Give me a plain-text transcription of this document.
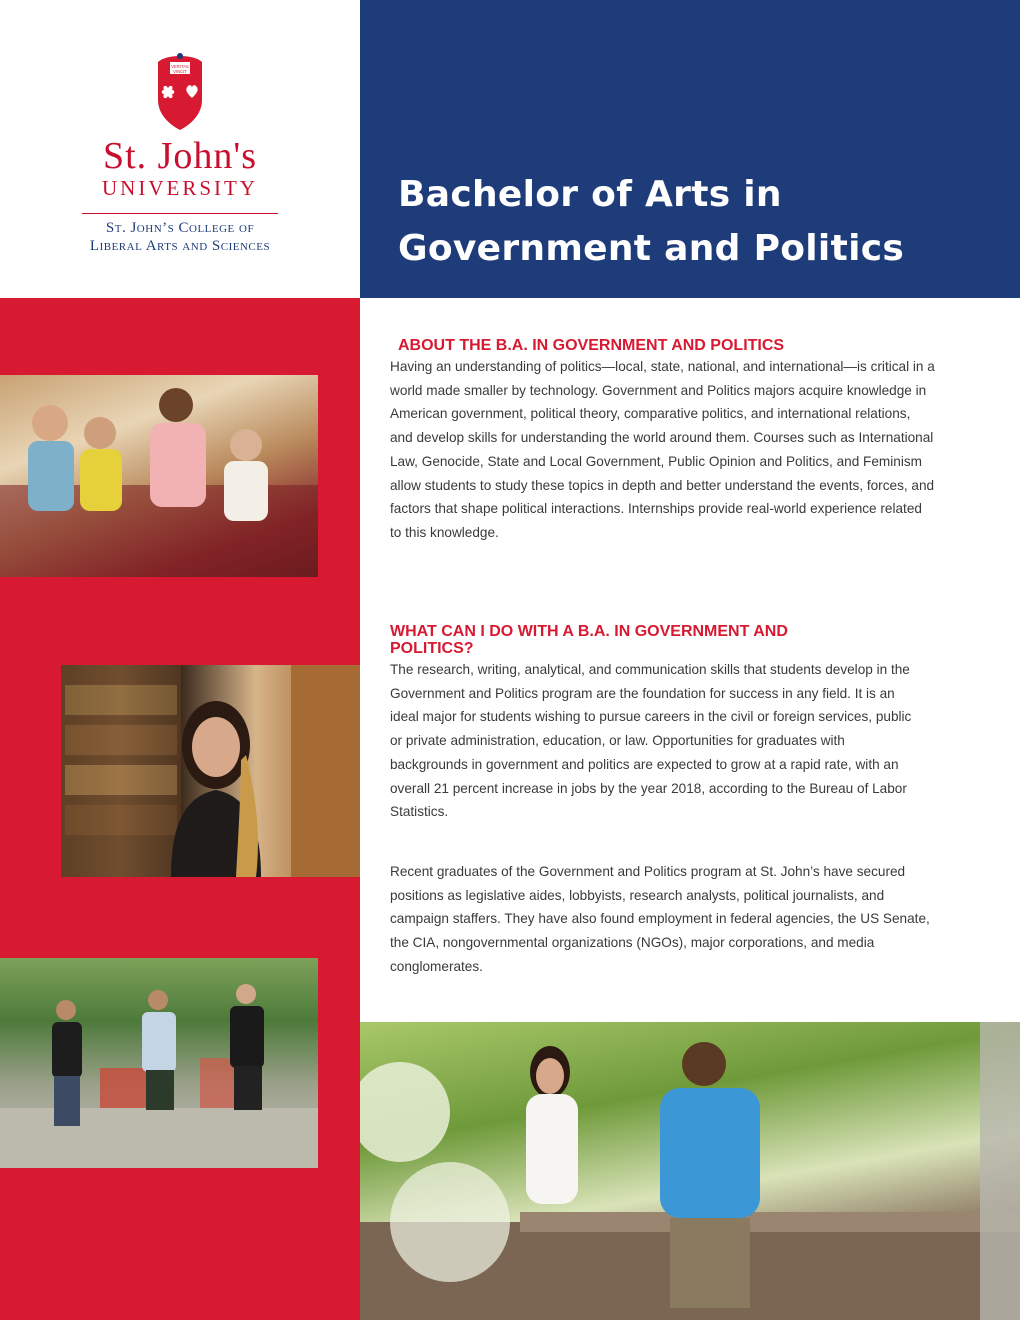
VERITAS
VINCIT
St. John's
UNIVERSITY
St. John’s College of
Liberal Arts and Sciences
Bachelor of Arts in
Government and Politics
ABOUT THE B.A. IN GOVERNMENT AND POLITICS

Having an understanding of politics—local, state, national, and international—is critical in a world made smaller by technology. Government and Politics majors acquire knowledge in American government, political theory, comparative politics, and international relations, and develop skills for understanding the world around them. Courses such as International Law, Genocide, State and Local Government, Public Opinion and Politics, and Feminism allow students to study these topics in depth and better understand the events, forces, and factors that shape political interactions. Internships provide real-world experience related to this knowledge.

WHAT CAN I DO WITH A B.A. IN GOVERNMENT AND POLITICS?

The research, writing, analytical, and communication skills that students develop in the Government and Politics program are the foundation for success in any field. It is an ideal major for students wishing to pursue careers in the civil or foreign services, public or private administration, education, or law. Opportunities for graduates with backgrounds in government and politics are expected to grow at a rapid rate, with an overall 21 percent increase in jobs by the year 2018, according to the Bureau of Labor Statistics.

Recent graduates of the Government and Politics program at St. John’s have secured positions as legislative aides, lobbyists, research analysts, political journalists, and campaign staffers. They have also found employment in federal agencies, the US Senate, the CIA, nongovernmental organizations (NGOs), major corporations, and media conglomerates.
